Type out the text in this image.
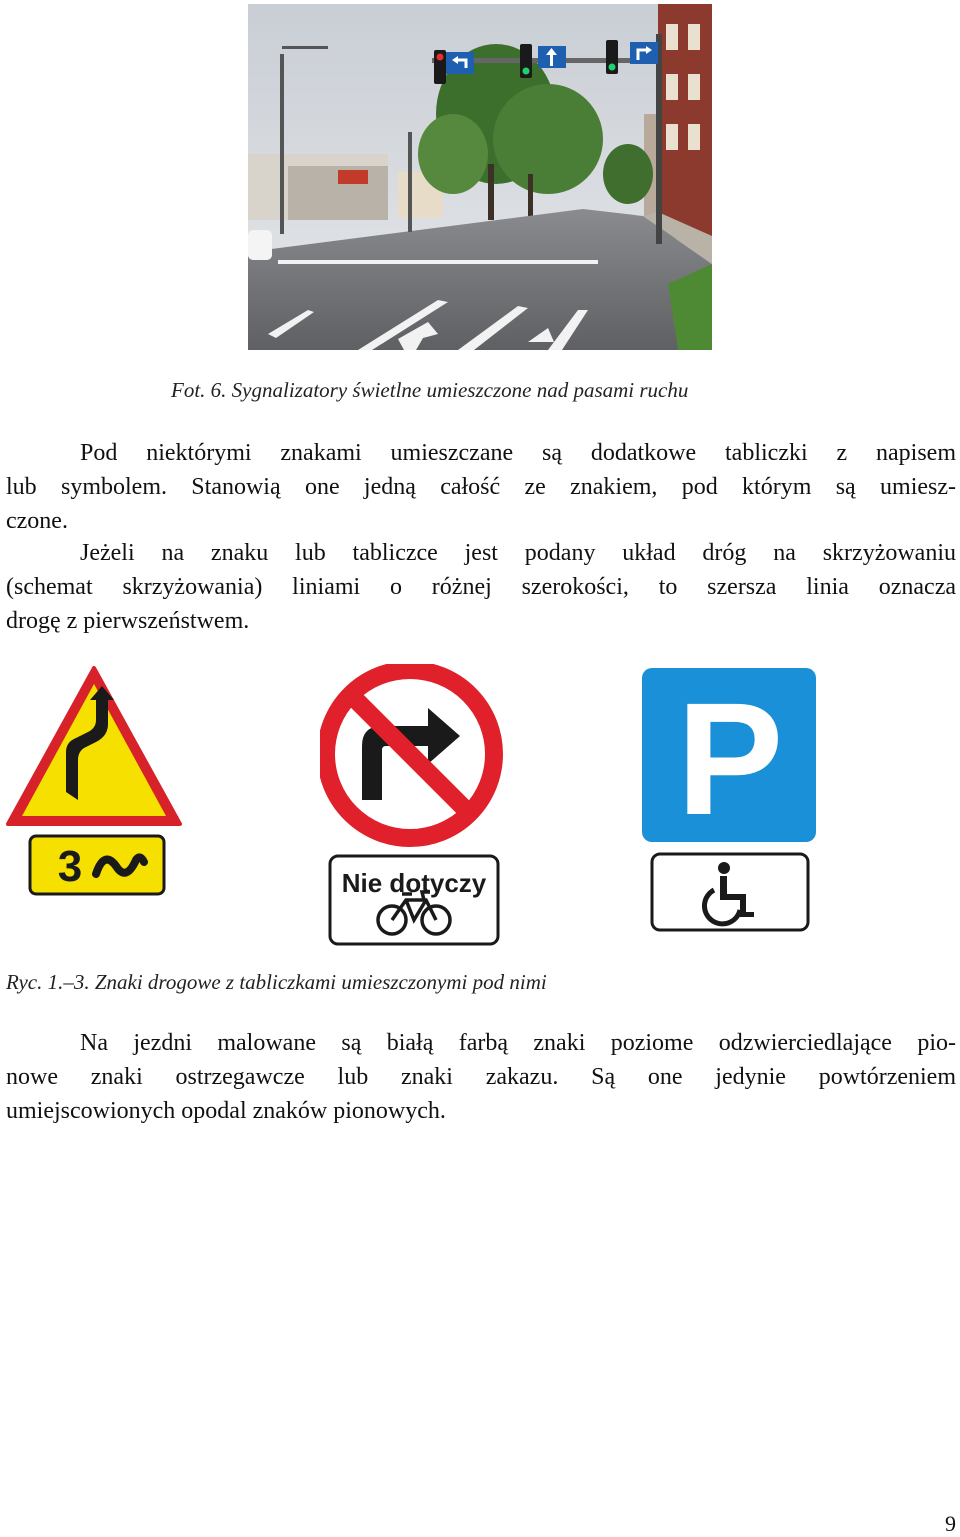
Fot. 6. Sygnalizatory świetlne umieszczone nad pasami ruchu

Pod niektórymi znakami umieszczane są dodatkowe tabliczki z napisem
lub symbolem. Stanowią one jedną całość ze znakiem, pod którym są umiesz-
czone.

Jeżeli na znaku lub tabliczce jest podany układ dróg na skrzyżowaniu
(schemat skrzyżowania) liniami o różnej szerokości, to szersza linia oznacza
drogę z pierwszeństwem.

3	Nie dotyczy
P
Ryc. 1.–3. Znaki drogowe z tabliczkami umieszczonymi pod nimi

Na jezdni malowane są białą farbą znaki poziome odzwierciedlające pio-
nowe znaki ostrzegawcze lub znaki zakazu. Są one jedynie powtórzeniem
umiejscowionych opodal znaków pionowych.

9
